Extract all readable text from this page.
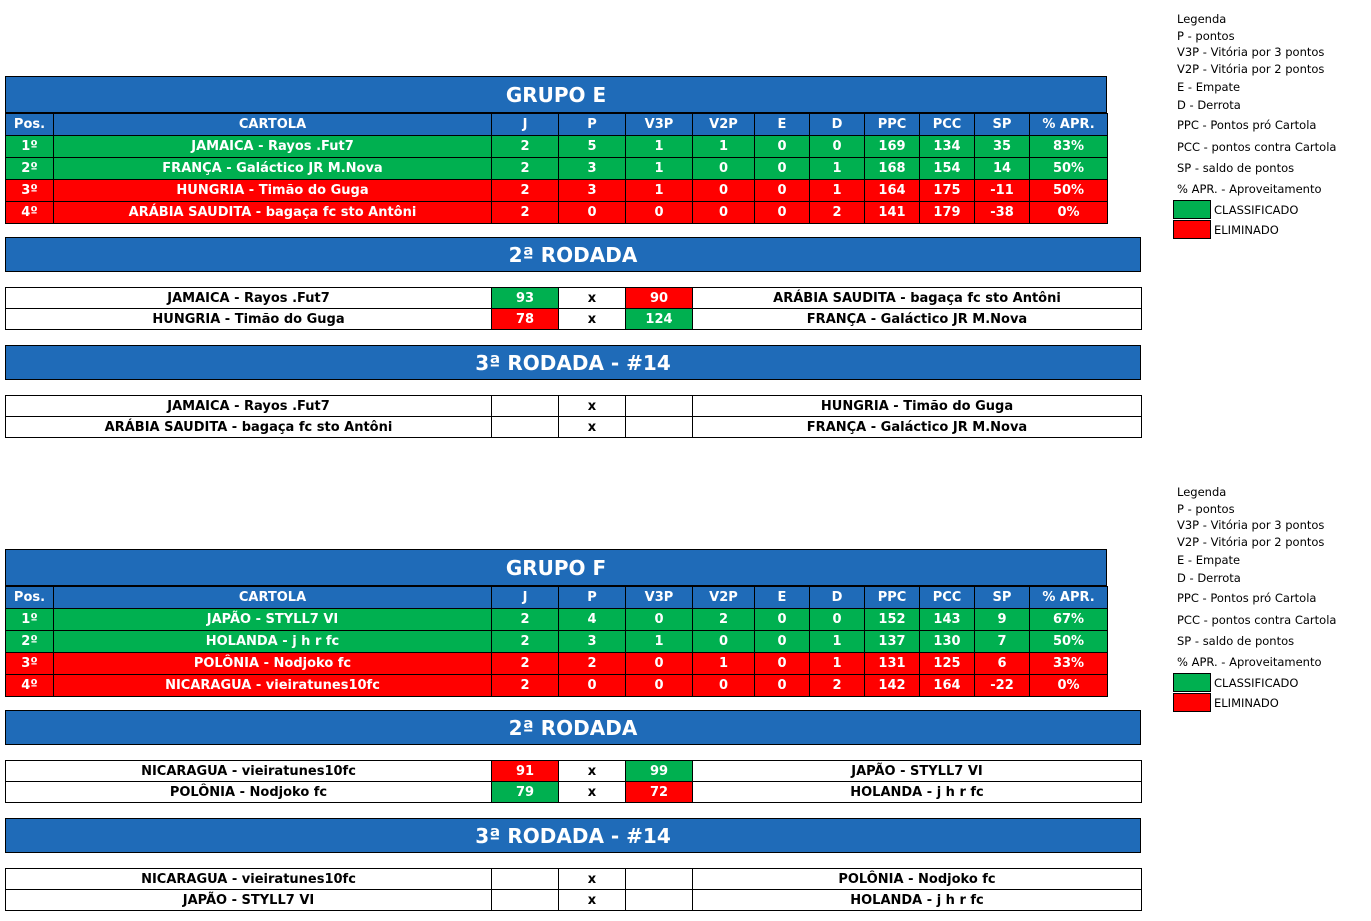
GRUPO E
Pos.	CARTOLA	J	P	V3P	V2P	E	D	PPC	PCC	SP	% APR.
1º	JAMAICA - Rayos .Fut7	2	5	1	1	0	0	169	134	35	83%
2º	FRANÇA - Galáctico JR M.Nova	2	3	1	0	0	1	168	154	14	50%
3º	HUNGRIA - Timão do Guga	2	3	1	0	0	1	164	175	-11	50%
4º	ARÁBIA SAUDITA - bagaça fc sto Antôni	2	0	0	0	0	2	141	179	-38	0%
2ª RODADA
JAMAICA - Rayos .Fut7	93	x	90	ARÁBIA SAUDITA - bagaça fc sto Antôni
HUNGRIA - Timão do Guga	78	x	124	FRANÇA - Galáctico JR M.Nova
3ª RODADA - #14
JAMAICA - Rayos .Fut7		x		HUNGRIA - Timão do Guga
ARÁBIA SAUDITA - bagaça fc sto Antôni		x		FRANÇA - Galáctico JR M.Nova
Legenda
P - pontos
V3P - Vitória por 3 pontos
V2P - Vitória por 2 pontos
E - Empate
D - Derrota
PPC - Pontos pró Cartola
PCC - pontos contra Cartola
SP - saldo de pontos
% APR. - Aproveitamento
CLASSIFICADO
ELIMINADO
GRUPO F
Pos.	CARTOLA	J	P	V3P	V2P	E	D	PPC	PCC	SP	% APR.
1º	JAPÃO - STYLL7 VI	2	4	0	2	0	0	152	143	9	67%
2º	HOLANDA - j h r fc	2	3	1	0	0	1	137	130	7	50%
3º	POLÔNIA - Nodjoko fc	2	2	0	1	0	1	131	125	6	33%
4º	NICARAGUA - vieiratunes10fc	2	0	0	0	0	2	142	164	-22	0%
2ª RODADA
NICARAGUA - vieiratunes10fc	91	x	99	JAPÃO - STYLL7 VI
POLÔNIA - Nodjoko fc	79	x	72	HOLANDA - j h r fc
3ª RODADA - #14
NICARAGUA - vieiratunes10fc		x		POLÔNIA - Nodjoko fc
JAPÃO - STYLL7 VI		x		HOLANDA - j h r fc
Legenda
P - pontos
V3P - Vitória por 3 pontos
V2P - Vitória por 2 pontos
E - Empate
D - Derrota
PPC - Pontos pró Cartola
PCC - pontos contra Cartola
SP - saldo de pontos
% APR. - Aproveitamento
CLASSIFICADO
ELIMINADO
